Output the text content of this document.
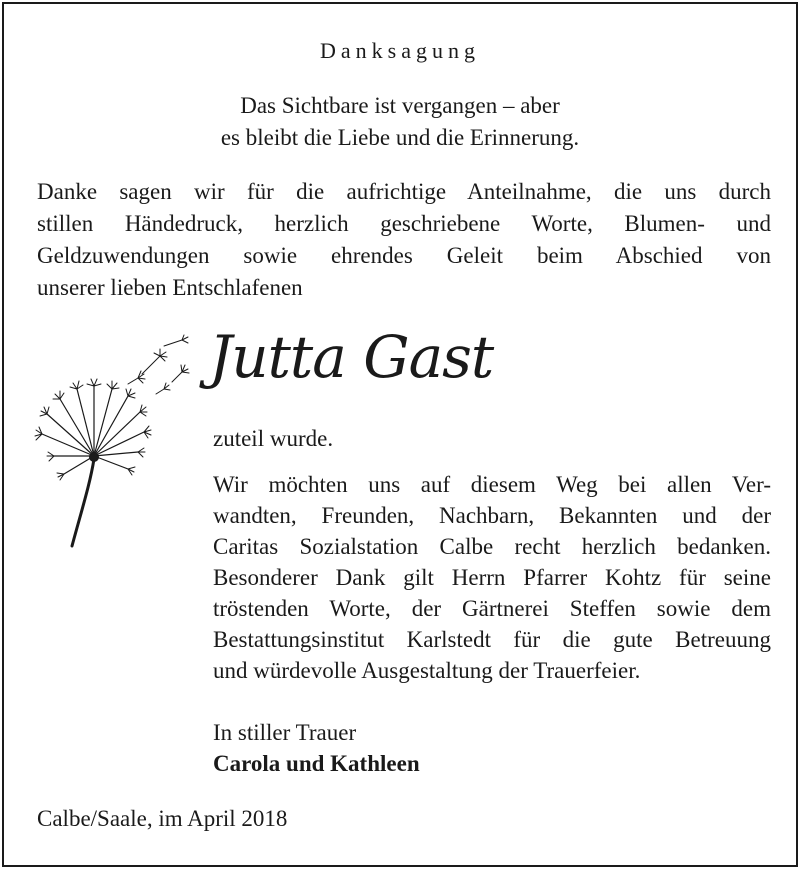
Danksagung
Das Sichtbare ist vergangen – aber
es bleibt die Liebe und die Erinnerung.
Danke sagen wir für die aufrichtige Anteilnahme, die uns durch
stillen Händedruck, herzlich geschriebene Worte, Blumen- und
Geldzuwendungen sowie ehrendes Geleit beim Abschied von
unserer lieben Entschlafenen
Jutta Gast
zuteil wurde.
Wir möchten uns auf diesem Weg bei allen Ver-
wandten, Freunden, Nachbarn, Bekannten und der
Caritas Sozialstation Calbe recht herzlich bedanken.
Besonderer Dank gilt Herrn Pfarrer Kohtz für seine
tröstenden Worte, der Gärtnerei Steffen sowie dem
Bestattungsinstitut Karlstedt für die gute Betreuung
und würdevolle Ausgestaltung der Trauerfeier.
In stiller Trauer
Carola und Kathleen
Calbe/Saale, im April 2018
